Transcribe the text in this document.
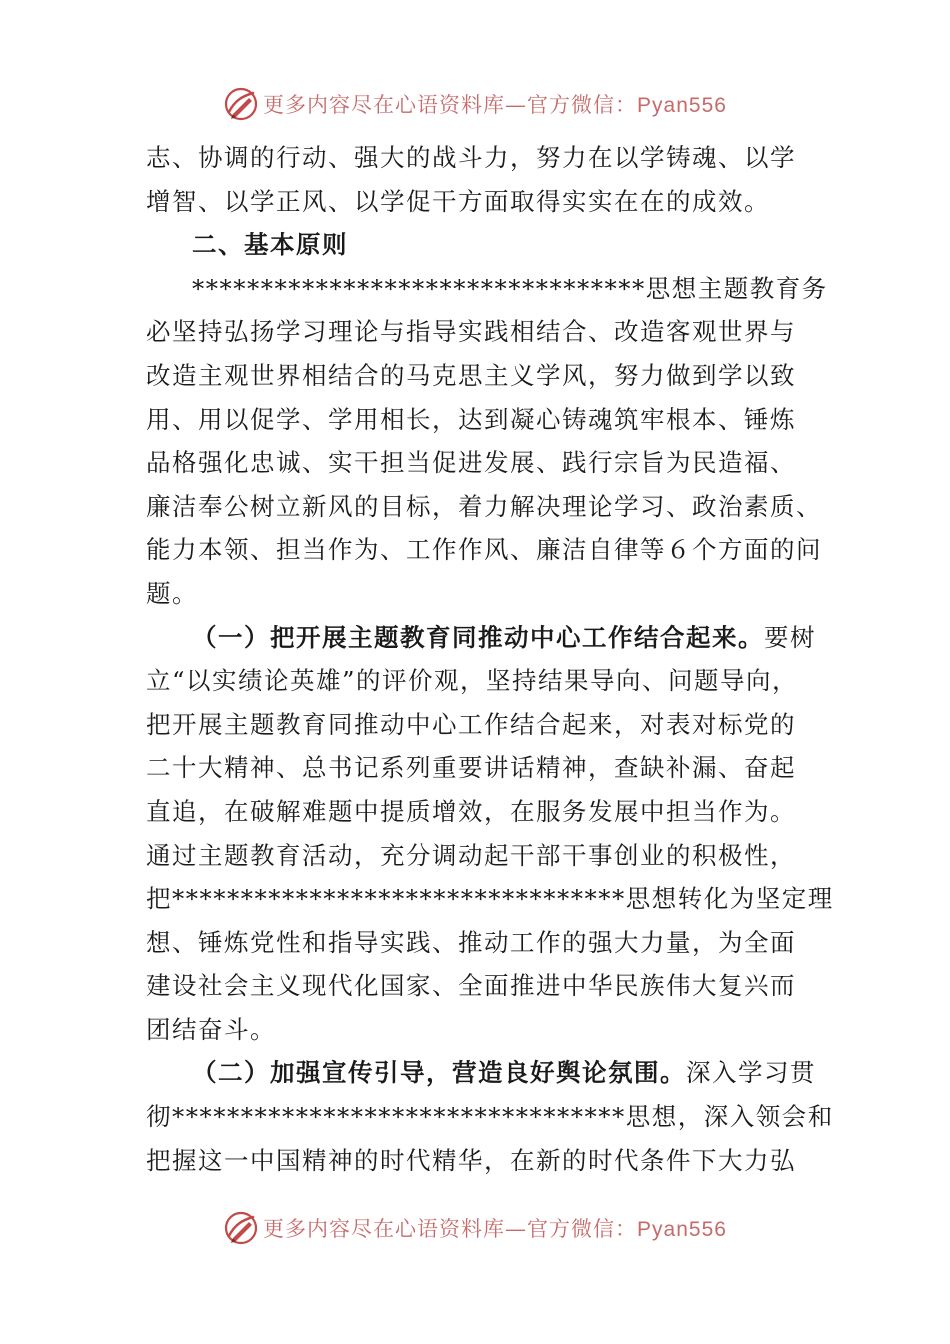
更多内容尽在心语资料库—官方微信：Pyan556
志、协调的行动、强大的战斗力，努力在以学铸魂、以学
增智、以学正风、以学促干方面取得实实在在的成效。
二、基本原则
*********************************思想主题教育务
必坚持弘扬学习理论与指导实践相结合、改造客观世界与
改造主观世界相结合的马克思主义学风，努力做到学以致
用、用以促学、学用相长，达到凝心铸魂筑牢根本、锤炼
品格强化忠诚、实干担当促进发展、践行宗旨为民造福、
廉洁奉公树立新风的目标，着力解决理论学习、政治素质、
能力本领、担当作为、工作作风、廉洁自律等６个方面的问
题。
（一）把开展主题教育同推动中心工作结合起来。要树
立“以实绩论英雄”的评价观，坚持结果导向、问题导向，
把开展主题教育同推动中心工作结合起来，对表对标党的
二十大精神、总书记系列重要讲话精神，查缺补漏、奋起
直追，在破解难题中提质增效，在服务发展中担当作为。
通过主题教育活动，充分调动起干部干事创业的积极性，
把*********************************思想转化为坚定理
想、锤炼党性和指导实践、推动工作的强大力量，为全面
建设社会主义现代化国家、全面推进中华民族伟大复兴而
团结奋斗。
（二）加强宣传引导，营造良好舆论氛围。深入学习贯
彻*********************************思想，深入领会和
把握这一中国精神的时代精华，在新的时代条件下大力弘
更多内容尽在心语资料库—官方微信：Pyan556
